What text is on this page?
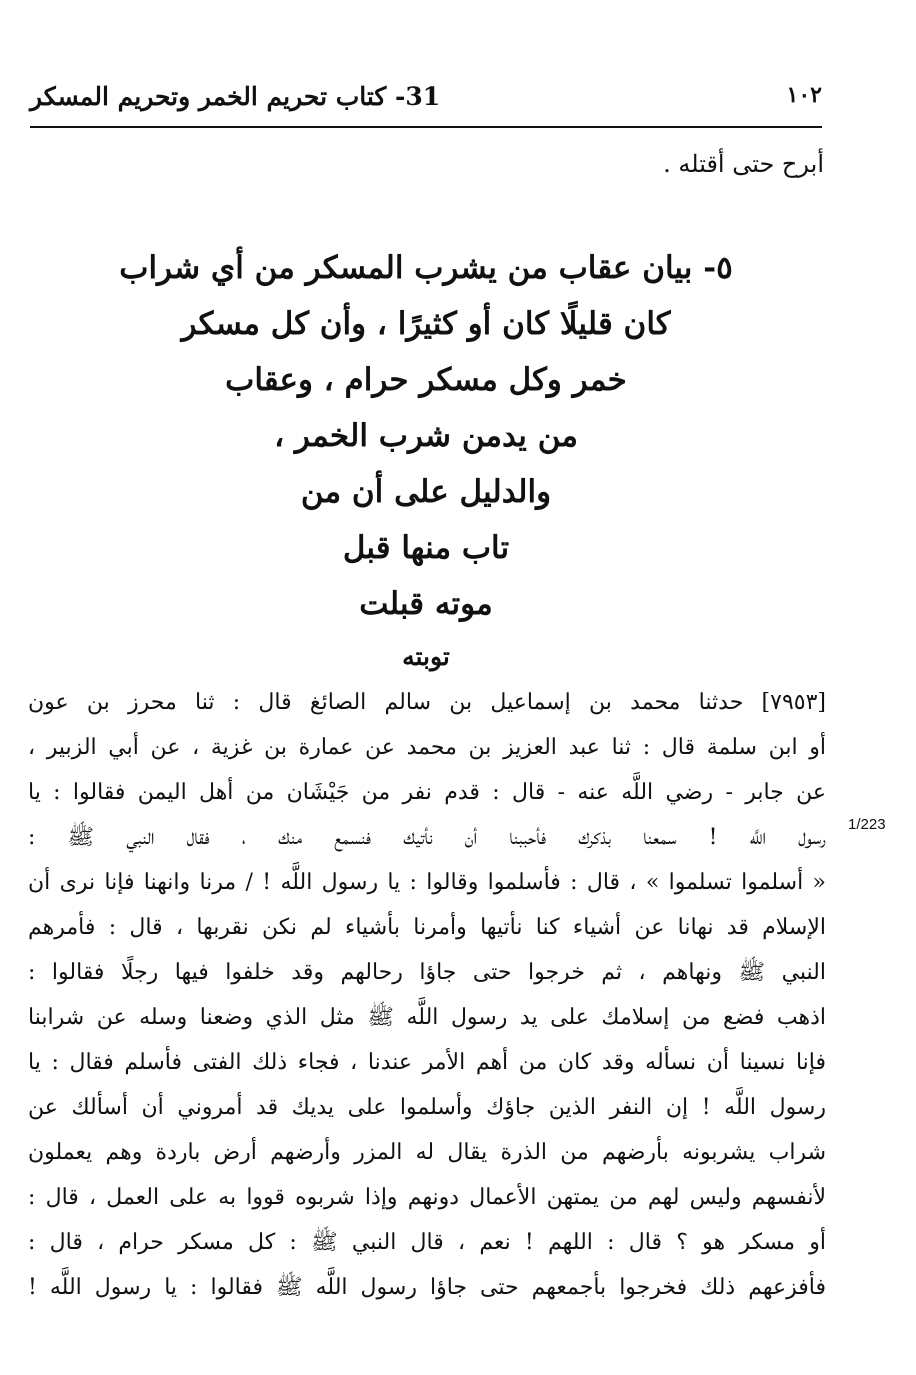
١٠٢
31- كتاب تحريم الخمر وتحريم المسكر
أبرح حتى أقتله .
٥- بيان عقاب من يشرب المسكر من أي شراب
كان قليلًا كان أو كثيرًا ، وأن كل مسكر
خمر وكل مسكر حرام ، وعقاب
من يدمن شرب الخمر ،
والدليل على أن من
تاب منها قبل
موته قبلت
توبته
1/223
[٧٩٥٣] حدثنا محمد بن إسماعيل بن سالم الصائغ قال : ثنا محرز بن عون
أو ابن سلمة قال : ثنا عبد العزيز بن محمد عن عمارة بن غزية ، عن أبي الزبير ،
عن جابر - رضي اللَّه عنه - قال : قدم نفر من جَيْشَان من أهل اليمن فقالوا : يا
رسول اللَّه ! سمعنا بذكرك فأحببنا أن نأتيك فنسمع منك ، فقال النبي ﷺ :
« أسلموا تسلموا » ، قال : فأسلموا وقالوا : يا رسول اللَّه ! / مرنا وانهنا فإنا نرى أن
الإسلام قد نهانا عن أشياء كنا نأتيها وأمرنا بأشياء لم نكن نقربها ، قال : فأمرهم
النبي ﷺ ونهاهم ، ثم خرجوا حتى جاؤا رحالهم وقد خلفوا فيها رجلًا فقالوا :
اذهب فضع من إسلامك على يد رسول اللَّه ﷺ مثل الذي وضعنا وسله عن شرابنا
فإنا نسينا أن نسأله وقد كان من أهم الأمر عندنا ، فجاء ذلك الفتى فأسلم فقال : يا
رسول اللَّه ! إن النفر الذين جاؤك وأسلموا على يديك قد أمروني أن أسألك عن
شراب يشربونه بأرضهم من الذرة يقال له المزر وأرضهم أرض باردة وهم يعملون
لأنفسهم وليس لهم من يمتهن الأعمال دونهم وإذا شربوه قووا به على العمل ، قال :
أو مسكر هو ؟ قال : اللهم ! نعم ، قال النبي ﷺ : كل مسكر حرام ، قال :
فأفزعهم ذلك فخرجوا بأجمعهم حتى جاؤا رسول اللَّه ﷺ فقالوا : يا رسول اللَّه !
